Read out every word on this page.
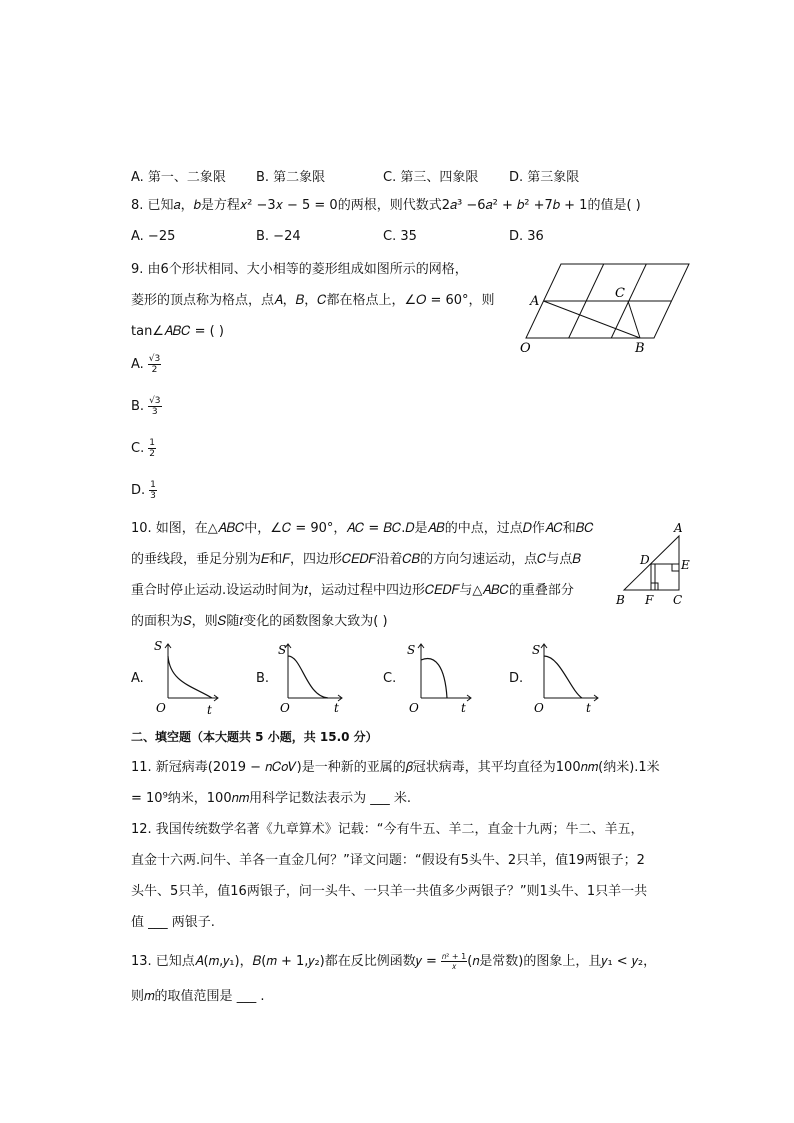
A. 第一、二象限 B. 第二象限	C. 第三、四象限 D. 第三象限
8. 已知𝑎，𝑏是方程𝑥² −3𝑥 − 5 = 0的两根，则代数式2𝑎³ −6𝑎² + 𝑏² +7𝑏 + 1的值是( )
A. −25	B. −24	C. 35	D. 36
9. 由6个形状相同、大小相等的菱形组成如图所示的网格，
菱形的顶点称为格点，点𝐴，𝐵，𝐶都在格点上，∠𝑂 = 60°，则
tan∠𝐴𝐵𝐶 = ( )
A
C
O	B
A. $\frac{√3}{2}$
B. $\frac{√3}{3}$
C. $\frac{1}{2}$
D. $\frac{1}{3}$
10. 如图，在△𝐴𝐵𝐶中，∠𝐶 = 90°，𝐴𝐶 = 𝐵𝐶.𝐷是𝐴𝐵的中点，过点𝐷作𝐴𝐶和𝐵𝐶
的垂线段，垂足分别为𝐸和𝐹，四边形𝐶𝐸𝐷𝐹沿着𝐶𝐵的方向匀速运动，点𝐶与点𝐵
重合时停止运动.设运动时间为𝑡，运动过程中四边形𝐶𝐸𝐷𝐹与△𝐴𝐵𝐶的重叠部分
的面积为𝑆，则𝑆随𝑡变化的函数图象大致为( )
A
D	E
B F C
A.
S
O	t
B.
S
O	t
C.
S
O	t
D.
S
O	t
二、填空题（本大题共 5 小题，共 15.0 分）
11. 新冠病毒(2019 − 𝑛𝐶𝑜𝑉)是一种新的亚属的𝛽冠状病毒，其平均直径为100𝑛𝑚(纳米).1米
= 10⁹纳米，100𝑛𝑚用科学记数法表示为 ___ 米.
12. 我国传统数学名著《九章算术》记载：“今有牛五、羊二，直金十九两；牛二、羊五，
直金十六两.问牛、羊各一直金几何？”译文问题：“假设有5头牛、2只羊，值19两银子；2
头牛、5只羊，值16两银子，问一头牛、一只羊一共值多少两银子？”则1头牛、1只羊一共
值 ___ 两银子.
13. 已知点𝐴(𝑚,𝑦₁)，𝐵(𝑚 + 1,𝑦₂)都在反比例函数𝑦 = $\frac{\text{𝑛² + 1}}{\text{𝑥}}$ (𝑛是常数)的图象上，且𝑦₁ < 𝑦₂，
则𝑚的取值范围是 ___ .
